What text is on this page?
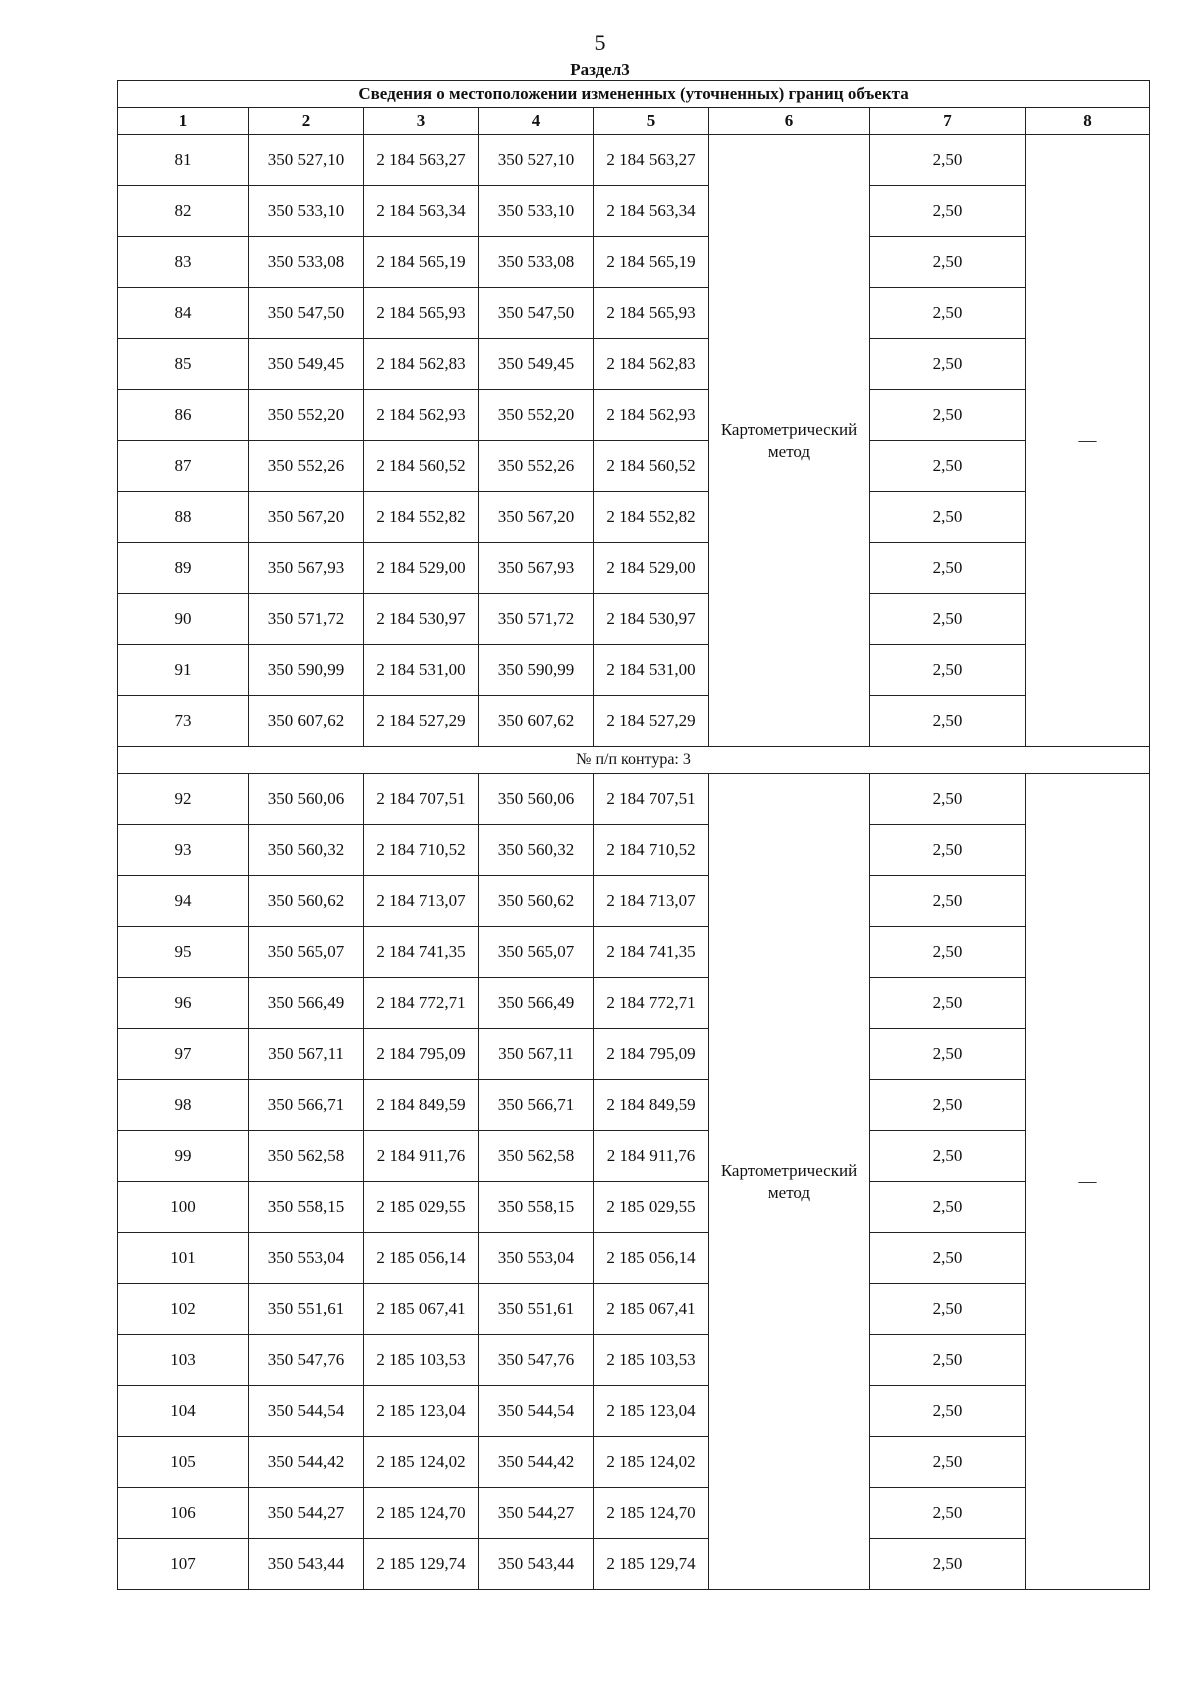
5
Раздел3
Сведения о местоположении измененных (уточненных) границ объекта							
1	2	3	4	5	6	7	8
81	350 527,10	2 184 563,27	350 527,10	2 184 563,27	Картометрический метод	2,50	—
82	350 533,10	2 184 563,34	350 533,10	2 184 563,34		2,50	
83	350 533,08	2 184 565,19	350 533,08	2 184 565,19		2,50	
84	350 547,50	2 184 565,93	350 547,50	2 184 565,93		2,50	
85	350 549,45	2 184 562,83	350 549,45	2 184 562,83		2,50	
86	350 552,20	2 184 562,93	350 552,20	2 184 562,93		2,50	
87	350 552,26	2 184 560,52	350 552,26	2 184 560,52		2,50	
88	350 567,20	2 184 552,82	350 567,20	2 184 552,82		2,50	
89	350 567,93	2 184 529,00	350 567,93	2 184 529,00		2,50	
90	350 571,72	2 184 530,97	350 571,72	2 184 530,97		2,50	
91	350 590,99	2 184 531,00	350 590,99	2 184 531,00		2,50	
73	350 607,62	2 184 527,29	350 607,62	2 184 527,29		2,50	
№ п/п контура: 3							
92	350 560,06	2 184 707,51	350 560,06	2 184 707,51	Картометрический метод	2,50	—
93	350 560,32	2 184 710,52	350 560,32	2 184 710,52		2,50	
94	350 560,62	2 184 713,07	350 560,62	2 184 713,07		2,50	
95	350 565,07	2 184 741,35	350 565,07	2 184 741,35		2,50	
96	350 566,49	2 184 772,71	350 566,49	2 184 772,71		2,50	
97	350 567,11	2 184 795,09	350 567,11	2 184 795,09		2,50	
98	350 566,71	2 184 849,59	350 566,71	2 184 849,59		2,50	
99	350 562,58	2 184 911,76	350 562,58	2 184 911,76		2,50	
100	350 558,15	2 185 029,55	350 558,15	2 185 029,55		2,50	
101	350 553,04	2 185 056,14	350 553,04	2 185 056,14		2,50	
102	350 551,61	2 185 067,41	350 551,61	2 185 067,41		2,50	
103	350 547,76	2 185 103,53	350 547,76	2 185 103,53		2,50	
104	350 544,54	2 185 123,04	350 544,54	2 185 123,04		2,50	
105	350 544,42	2 185 124,02	350 544,42	2 185 124,02		2,50	
106	350 544,27	2 185 124,70	350 544,27	2 185 124,70		2,50	
107	350 543,44	2 185 129,74	350 543,44	2 185 129,74		2,50	
